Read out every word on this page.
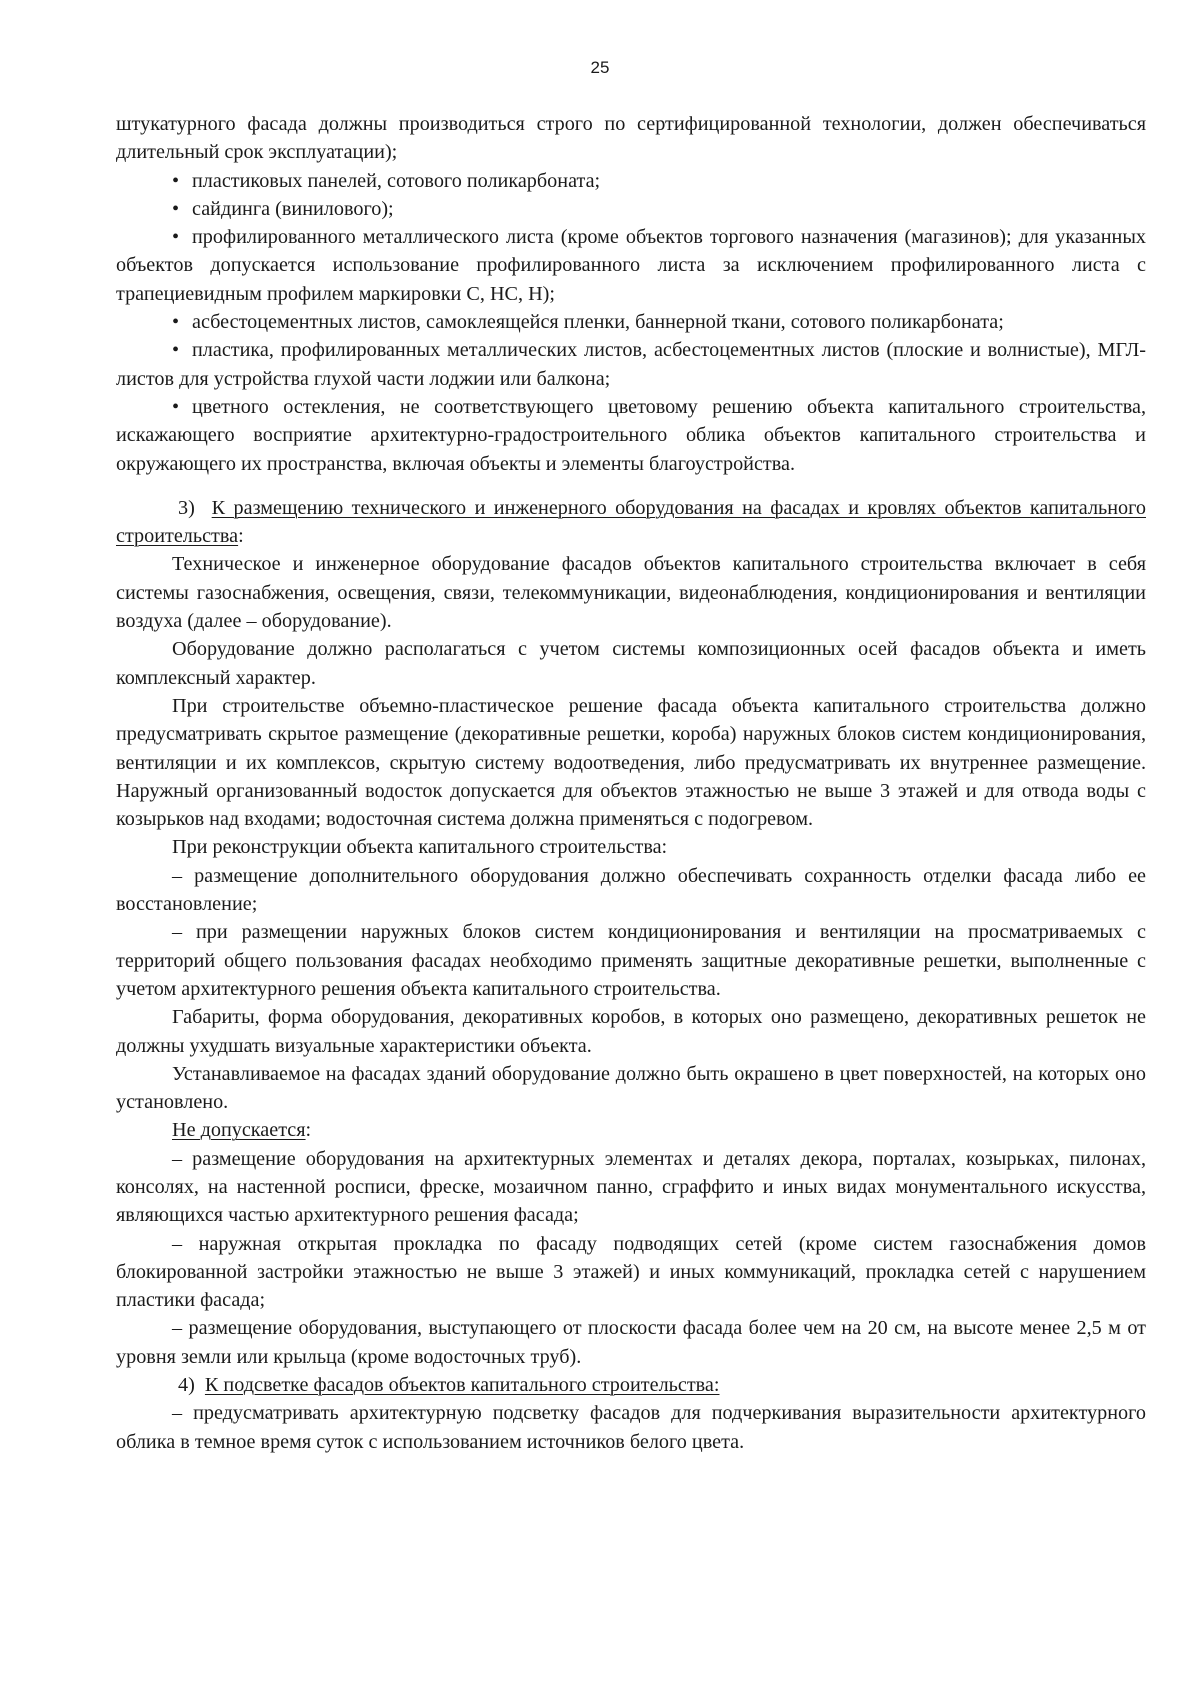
25

штукатурного фасада должны производиться строго по сертифицированной технологии, должен обеспечиваться длительный срок эксплуатации);

• пластиковых панелей, сотового поликарбоната;

• сайдинга (винилового);

• профилированного металлического листа (кроме объектов торгового назначения (магазинов); для указанных объектов допускается использование профилированного листа за исключением профилированного листа с трапециевидным профилем маркировки С, НС, Н);

• асбестоцементных листов, самоклеящейся пленки, баннерной ткани, сотового поликарбоната;

• пластика, профилированных металлических листов, асбестоцементных листов (плоские и волнистые), МГЛ-листов для устройства глухой части лоджии или балкона;

• цветного остекления, не соответствующего цветовому решению объекта капитального строительства, искажающего восприятие архитектурно-градостроительного облика объектов капитального строительства и окружающего их пространства, включая объекты и элементы благоустройства.

3) К размещению технического и инженерного оборудования на фасадах и кровлях объектов капитального строительства:

Техническое и инженерное оборудование фасадов объектов капитального строительства включает в себя системы газоснабжения, освещения, связи, телекоммуникации, видеонаблюдения, кондиционирования и вентиляции воздуха (далее – оборудование).

Оборудование должно располагаться с учетом системы композиционных осей фасадов объекта и иметь комплексный характер.

При строительстве объемно-пластическое решение фасада объекта капитального строительства должно предусматривать скрытое размещение (декоративные решетки, короба) наружных блоков систем кондиционирования, вентиляции и их комплексов, скрытую систему водоотведения, либо предусматривать их внутреннее размещение. Наружный организованный водосток допускается для объектов этажностью не выше 3 этажей и для отвода воды с козырьков над входами; водосточная система должна применяться с подогревом.

При реконструкции объекта капитального строительства:

– размещение дополнительного оборудования должно обеспечивать сохранность отделки фасада либо ее восстановление;

– при размещении наружных блоков систем кондиционирования и вентиляции на просматриваемых с территорий общего пользования фасадах необходимо применять защитные декоративные решетки, выполненные с учетом архитектурного решения объекта капитального строительства.

Габариты, форма оборудования, декоративных коробов, в которых оно размещено, декоративных решеток не должны ухудшать визуальные характеристики объекта.

Устанавливаемое на фасадах зданий оборудование должно быть окрашено в цвет поверхностей, на которых оно установлено.

Не допускается:

– размещение оборудования на архитектурных элементах и деталях декора, порталах, козырьках, пилонах, консолях, на настенной росписи, фреске, мозаичном панно, сграффито и иных видах монументального искусства, являющихся частью архитектурного решения фасада;

– наружная открытая прокладка по фасаду подводящих сетей (кроме систем газоснабжения домов блокированной застройки этажностью не выше 3 этажей) и иных коммуникаций, прокладка сетей с нарушением пластики фасада;

– размещение оборудования, выступающего от плоскости фасада более чем на 20 см, на высоте менее 2,5 м от уровня земли или крыльца (кроме водосточных труб).

4) К подсветке фасадов объектов капитального строительства:

– предусматривать архитектурную подсветку фасадов для подчеркивания выразительности архитектурного облика в темное время суток с использованием источников белого цвета.
